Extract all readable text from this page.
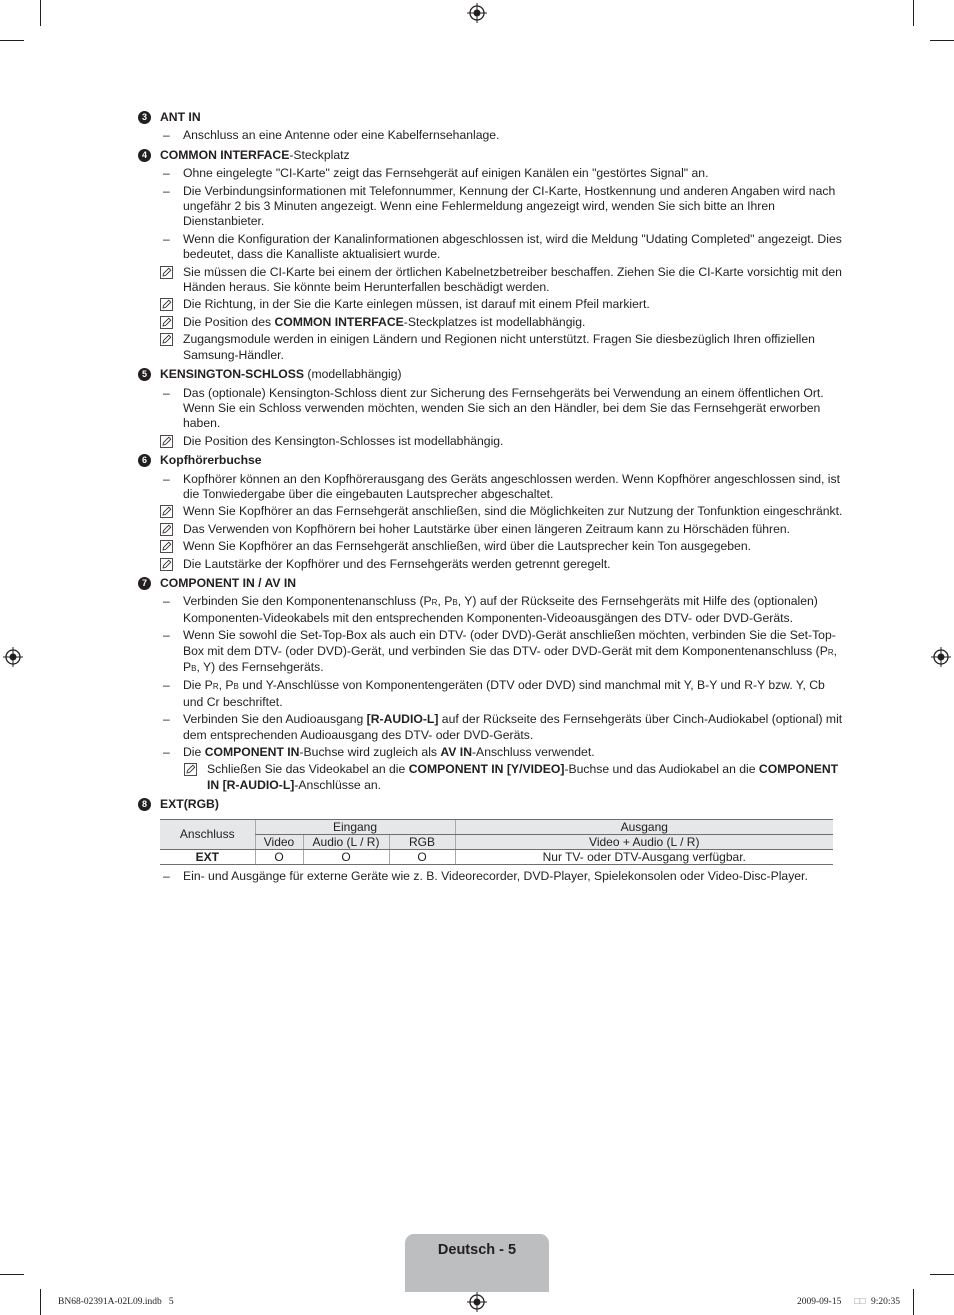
3	ANT IN
– Anschluss an eine Antenne oder eine Kabelfernsehanlage.
4	COMMON INTERFACE-Steckplatz
– Ohne eingelegte "CI-Karte" zeigt das Fernsehgerät auf einigen Kanälen ein "gestörtes Signal" an.
– Die Verbindungsinformationen mit Telefonnummer, Kennung der CI-Karte, Hostkennung und anderen Angaben wird nach ungefähr 2 bis 3 Minuten angezeigt. Wenn eine Fehlermeldung angezeigt wird, wenden Sie sich bitte an Ihren Dienstanbieter.
– Wenn die Konfiguration der Kanalinformationen abgeschlossen ist, wird die Meldung "Udating Completed" angezeigt. Dies bedeutet, dass die Kanalliste aktualisiert wurde.
Sie müssen die CI-Karte bei einem der örtlichen Kabelnetzbetreiber beschaffen. Ziehen Sie die CI-Karte vorsichtig mit den Händen heraus. Sie könnte beim Herunterfallen beschädigt werden.
Die Richtung, in der Sie die Karte einlegen müssen, ist darauf mit einem Pfeil markiert.
Die Position des COMMON INTERFACE-Steckplatzes ist modellabhängig.
Zugangsmodule werden in einigen Ländern und Regionen nicht unterstützt. Fragen Sie diesbezüglich Ihren offiziellen Samsung-Händler.
5	KENSINGTON-SCHLOSS (modellabhängig)
– Das (optionale) Kensington-Schloss dient zur Sicherung des Fernsehgeräts bei Verwendung an einem öffentlichen Ort. Wenn Sie ein Schloss verwenden möchten, wenden Sie sich an den Händler, bei dem Sie das Fernsehgerät erworben haben.
Die Position des Kensington-Schlosses ist modellabhängig.
6	Kopfhörerbuchse
– Kopfhörer können an den Kopfhörerausgang des Geräts angeschlossen werden. Wenn Kopfhörer angeschlossen sind, ist die Tonwiedergabe über die eingebauten Lautsprecher abgeschaltet.
Wenn Sie Kopfhörer an das Fernsehgerät anschließen, sind die Möglichkeiten zur Nutzung der Tonfunktion eingeschränkt.
Das Verwenden von Kopfhörern bei hoher Lautstärke über einen längeren Zeitraum kann zu Hörschäden führen.
Wenn Sie Kopfhörer an das Fernsehgerät anschließen, wird über die Lautsprecher kein Ton ausgegeben.
Die Lautstärke der Kopfhörer und des Fernsehgeräts werden getrennt geregelt.
7	COMPONENT IN / AV IN
– Verbinden Sie den Komponentenanschluss (PR, PB, Y) auf der Rückseite des Fernsehgeräts mit Hilfe des (optionalen) Komponenten-Videokabels mit den entsprechenden Komponenten-Videoausgängen des DTV- oder DVD-Geräts.
– Wenn Sie sowohl die Set-Top-Box als auch ein DTV- (oder DVD)-Gerät anschließen möchten, verbinden Sie die Set-Top-Box mit dem DTV- (oder DVD)-Gerät, und verbinden Sie das DTV- oder DVD-Gerät mit dem Komponentenanschluss (PR, PB, Y) des Fernsehgeräts.
– Die PR, PB und Y-Anschlüsse von Komponentengeräten (DTV oder DVD) sind manchmal mit Y, B-Y und R-Y bzw. Y, Cb und Cr beschriftet.
– Verbinden Sie den Audioausgang [R-AUDIO-L] auf der Rückseite des Fernsehgeräts über Cinch-Audiokabel (optional) mit dem entsprechenden Audioausgang des DTV- oder DVD-Geräts.
– Die COMPONENT IN-Buchse wird zugleich als AV IN-Anschluss verwendet.
Schließen Sie das Videokabel an die COMPONENT IN [Y/VIDEO]-Buchse und das Audiokabel an die COMPONENT IN [R-AUDIO-L]-Anschlüsse an.
8	EXT(RGB)
Anschluss	Eingang			Ausgang
	Video	Audio (L / R)	RGB	Video + Audio (L / R)
EXT	O	O	O	Nur TV- oder DTV-Ausgang verfügbar.
– Ein- und Ausgänge für externe Geräte wie z. B. Videorecorder, DVD-Player, Spielekonsolen oder Video-Disc-Player.
Deutsch - 5
BN68-02391A-02L09.indb   5	2009-09-15 □□ 9:20:35
